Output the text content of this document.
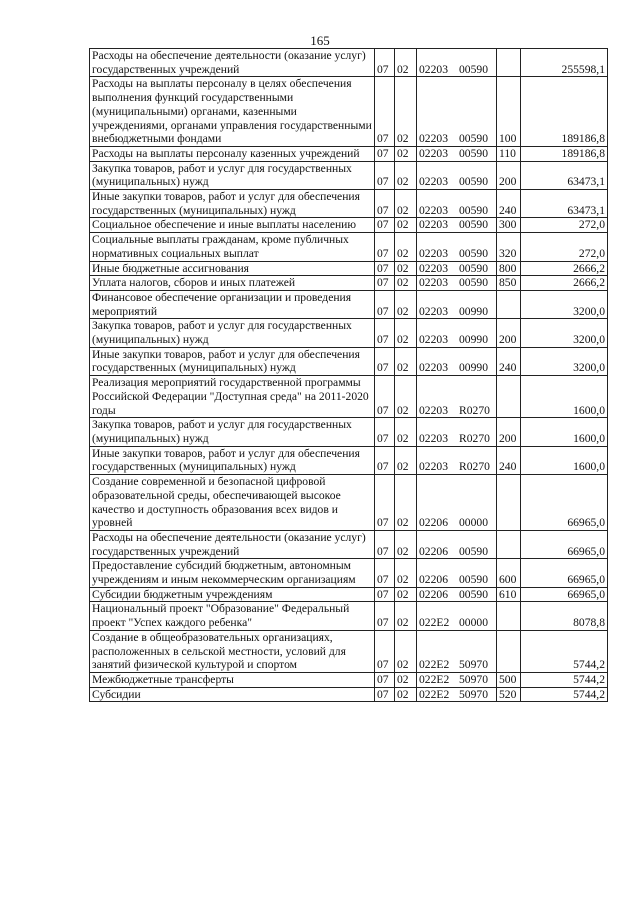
165
Расходы на обеспечение деятельности (оказание услуг) государственных учреждений	07	02	02203 00590		255598,1
Расходы на выплаты персоналу в целях обеспечения выполнения функций государственными (муниципальными) органами, казенными учреждениями, органами управления государственными внебюджетными фондами	07	02	02203 00590	100	189186,8
Расходы на выплаты персоналу казенных учреждений	07	02	02203 00590	110	189186,8
Закупка товаров, работ и услуг для государственных (муниципальных) нужд	07	02	02203 00590	200	63473,1
Иные закупки товаров, работ и услуг для обеспечения государственных (муниципальных) нужд	07	02	02203 00590	240	63473,1
Социальное обеспечение и иные выплаты населению	07	02	02203 00590	300	272,0
Социальные выплаты гражданам, кроме публичных нормативных социальных выплат	07	02	02203 00590	320	272,0
Иные бюджетные ассигнования	07	02	02203 00590	800	2666,2
Уплата налогов, сборов и иных платежей	07	02	02203 00590	850	2666,2
Финансовое обеспечение организации и проведения мероприятий	07	02	02203 00990		3200,0
Закупка товаров, работ и услуг для государственных (муниципальных) нужд	07	02	02203 00990	200	3200,0
Иные закупки товаров, работ и услуг для обеспечения государственных (муниципальных) нужд	07	02	02203 00990	240	3200,0
Реализация мероприятий государственной программы Российской Федерации "Доступная среда" на 2011-2020 годы	07	02	02203 R0270		1600,0
Закупка товаров, работ и услуг для государственных (муниципальных) нужд	07	02	02203 R0270	200	1600,0
Иные закупки товаров, работ и услуг для обеспечения государственных (муниципальных) нужд	07	02	02203 R0270	240	1600,0
Создание современной и безопасной цифровой образовательной среды, обеспечивающей высокое качество и доступность образования всех видов и уровней	07	02	02206 00000		66965,0
Расходы на обеспечение деятельности (оказание услуг) государственных учреждений	07	02	02206 00590		66965,0
Предоставление субсидий бюджетным, автономным учреждениям и иным некоммерческим организациям	07	02	02206 00590	600	66965,0
Субсидии бюджетным учреждениям	07	02	02206 00590	610	66965,0
Национальный проект "Образование" Федеральный проект "Успех каждого ребенка"	07	02	022Е2 00000		8078,8
Создание в общеобразовательных организациях, расположенных в сельской местности, условий для занятий физической культурой и спортом	07	02	022Е2 50970		5744,2
Межбюджетные трансферты	07	02	022Е2 50970	500	5744,2
Субсидии	07	02	022Е2 50970	520	5744,2
